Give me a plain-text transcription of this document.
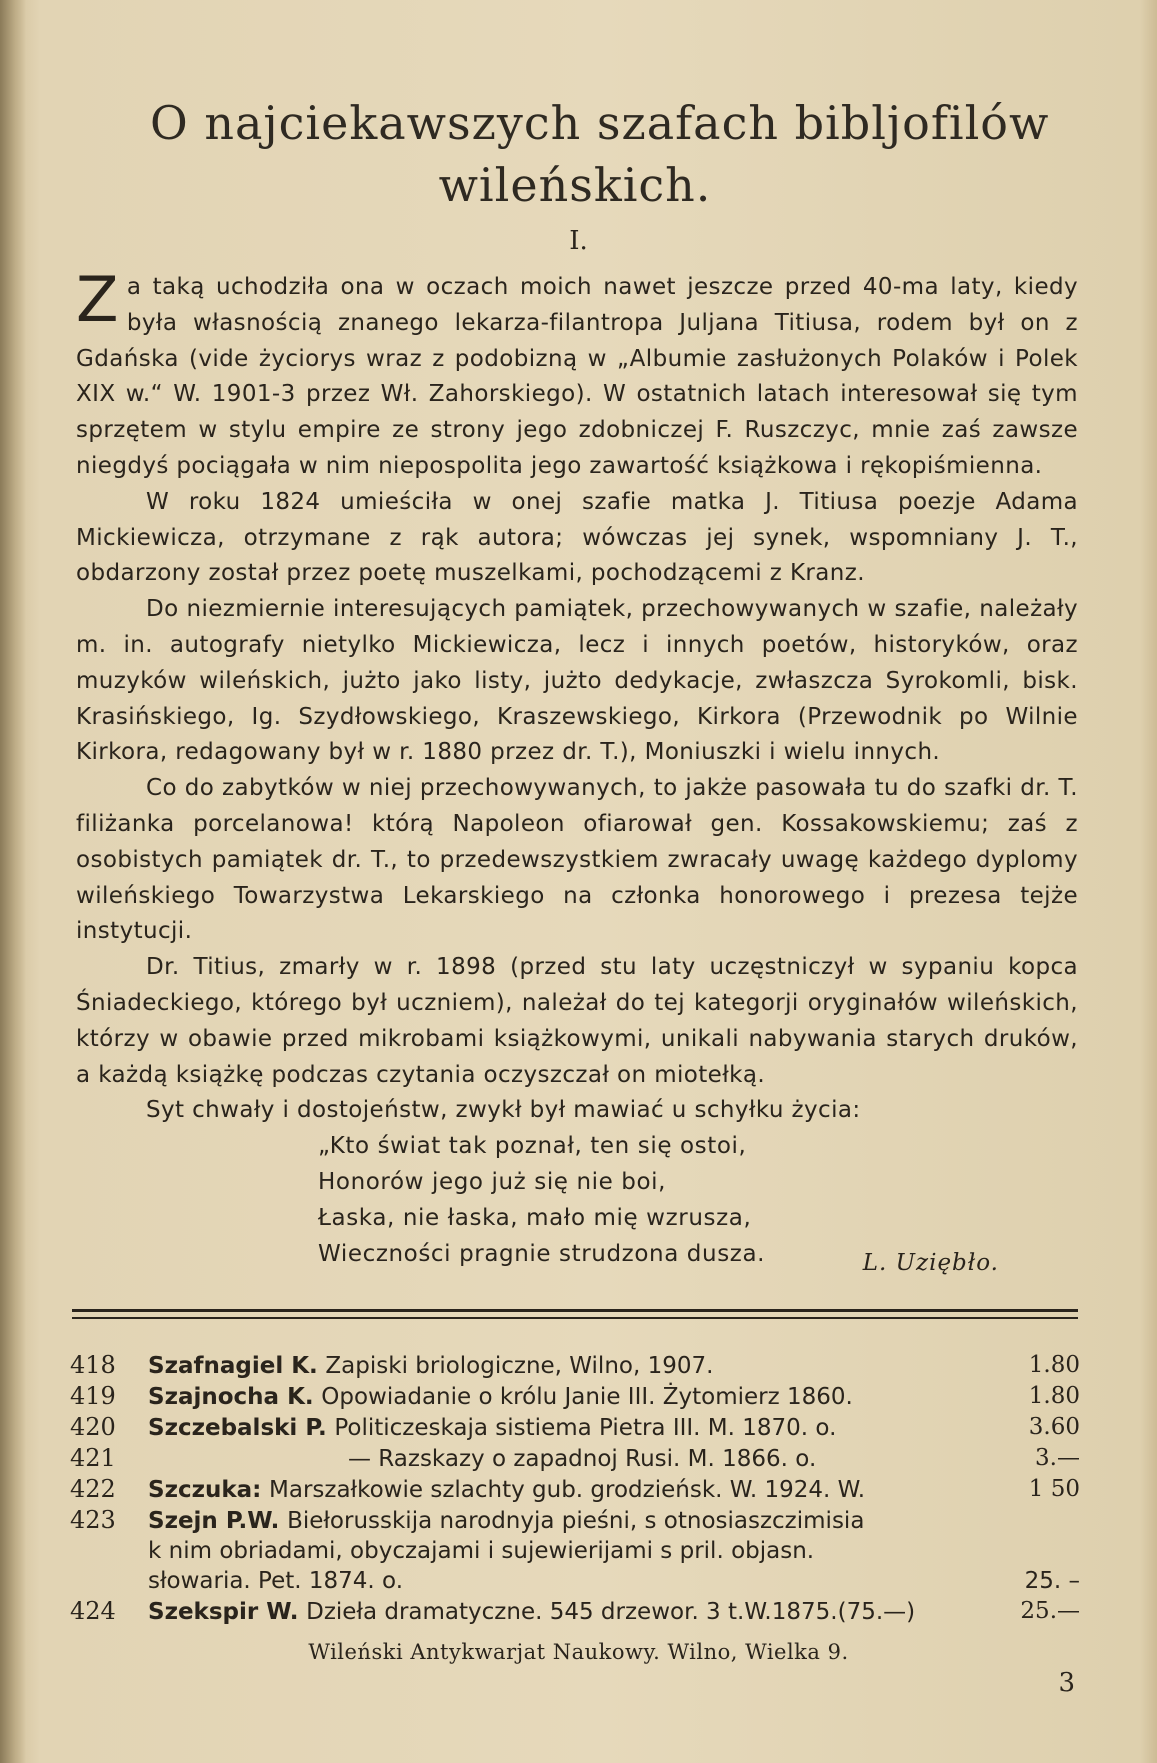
O najciekawszych szafach bibljofilów
wileńskich.
I.

Za taką uchodziła ona w oczach moich nawet jeszcze przed 40-ma laty, kiedy była własnością znanego lekarza-filantropa Juljana Titiusa, rodem był on z Gdańska (vide życiorys wraz z podobizną w „Albumie zasłużonych Polaków i Polek XIX w.“ W. 1901-3 przez Wł. Zahorskiego). W ostatnich latach interesował się tym sprzętem w stylu empire ze strony jego zdobniczej F. Ruszczyc, mnie zaś zawsze niegdyś pociągała w nim niepospolita jego zawartość książkowa i rękopiśmienna.

W roku 1824 umieściła w onej szafie matka J. Titiusa poezje Adama Mickiewicza, otrzymane z rąk autora; wówczas jej synek, wspomniany J. T., obdarzony został przez poetę muszelkami, pochodzącemi z Kranz.

Do niezmiernie interesujących pamiątek, przechowywanych w szafie, należały m. in. autografy nietylko Mickiewicza, lecz i innych poetów, historyków, oraz muzyków wileńskich, jużto jako listy, jużto dedykacje, zwłaszcza Syrokomli, bisk. Krasińskiego, Ig. Szydłowskiego, Kraszewskiego, Kirkora (Przewodnik po Wilnie Kirkora, redagowany był w r. 1880 przez dr. T.), Moniuszki i wielu innych.

Co do zabytków w niej przechowywanych, to jakże pasowała tu do szafki dr. T. filiżanka porcelanowa! którą Napoleon ofiarował gen. Kossakowskiemu; zaś z osobistych pamiątek dr. T., to przedewszystkiem zwracały uwagę każdego dyplomy wileńskiego Towarzystwa Lekarskiego na członka honorowego i prezesa tejże instytucji.

Dr. Titius, zmarły w r. 1898 (przed stu laty uczęstniczył w sypaniu kopca Śniadeckiego, którego był uczniem), należał do tej kategorji oryginałów wileńskich, którzy w obawie przed mikrobami książkowymi, unikali nabywania starych druków, a każdą książkę podczas czytania oczyszczał on miotełką.

Syt chwały i dostojeństw, zwykł był mawiać u schyłku życia:

„Kto świat tak poznał, ten się ostoi,
Honorów jego już się nie boi,
Łaska, nie łaska, mało mię wzrusza,
Wieczności pragnie strudzona dusza.	L. Uziębło.
418	Szafnagiel K. Zapiski briologiczne, Wilno, 1907.	1.80
419	Szajnocha K. Opowiadanie o królu Janie III. Żytomierz 1860.	1.80
420	Szczebalski P. Politiczeskaja sistiema Pietra III. M. 1870. o.	3.60
421	— Razskazy o zapadnoj Rusi. M. 1866. o.	3.—
422	Szczuka: Marszałkowie szlachty gub. grodzieńsk. W. 1924. W.	1 50
423	Szejn P.W. Biełorusskija narodnyja pieśni, s otnosiaszczimisia
k nim obriadami, obyczajami i sujewierijami s pril. objasn.
słowaria. Pet. 1874. o.	25. –
424	Szekspir W. Dzieła dramatyczne. 545 drzewor. 3 t.W.1875.(75.—)	25.—
Wileński Antykwarjat Naukowy. Wilno, Wielka 9.
3
